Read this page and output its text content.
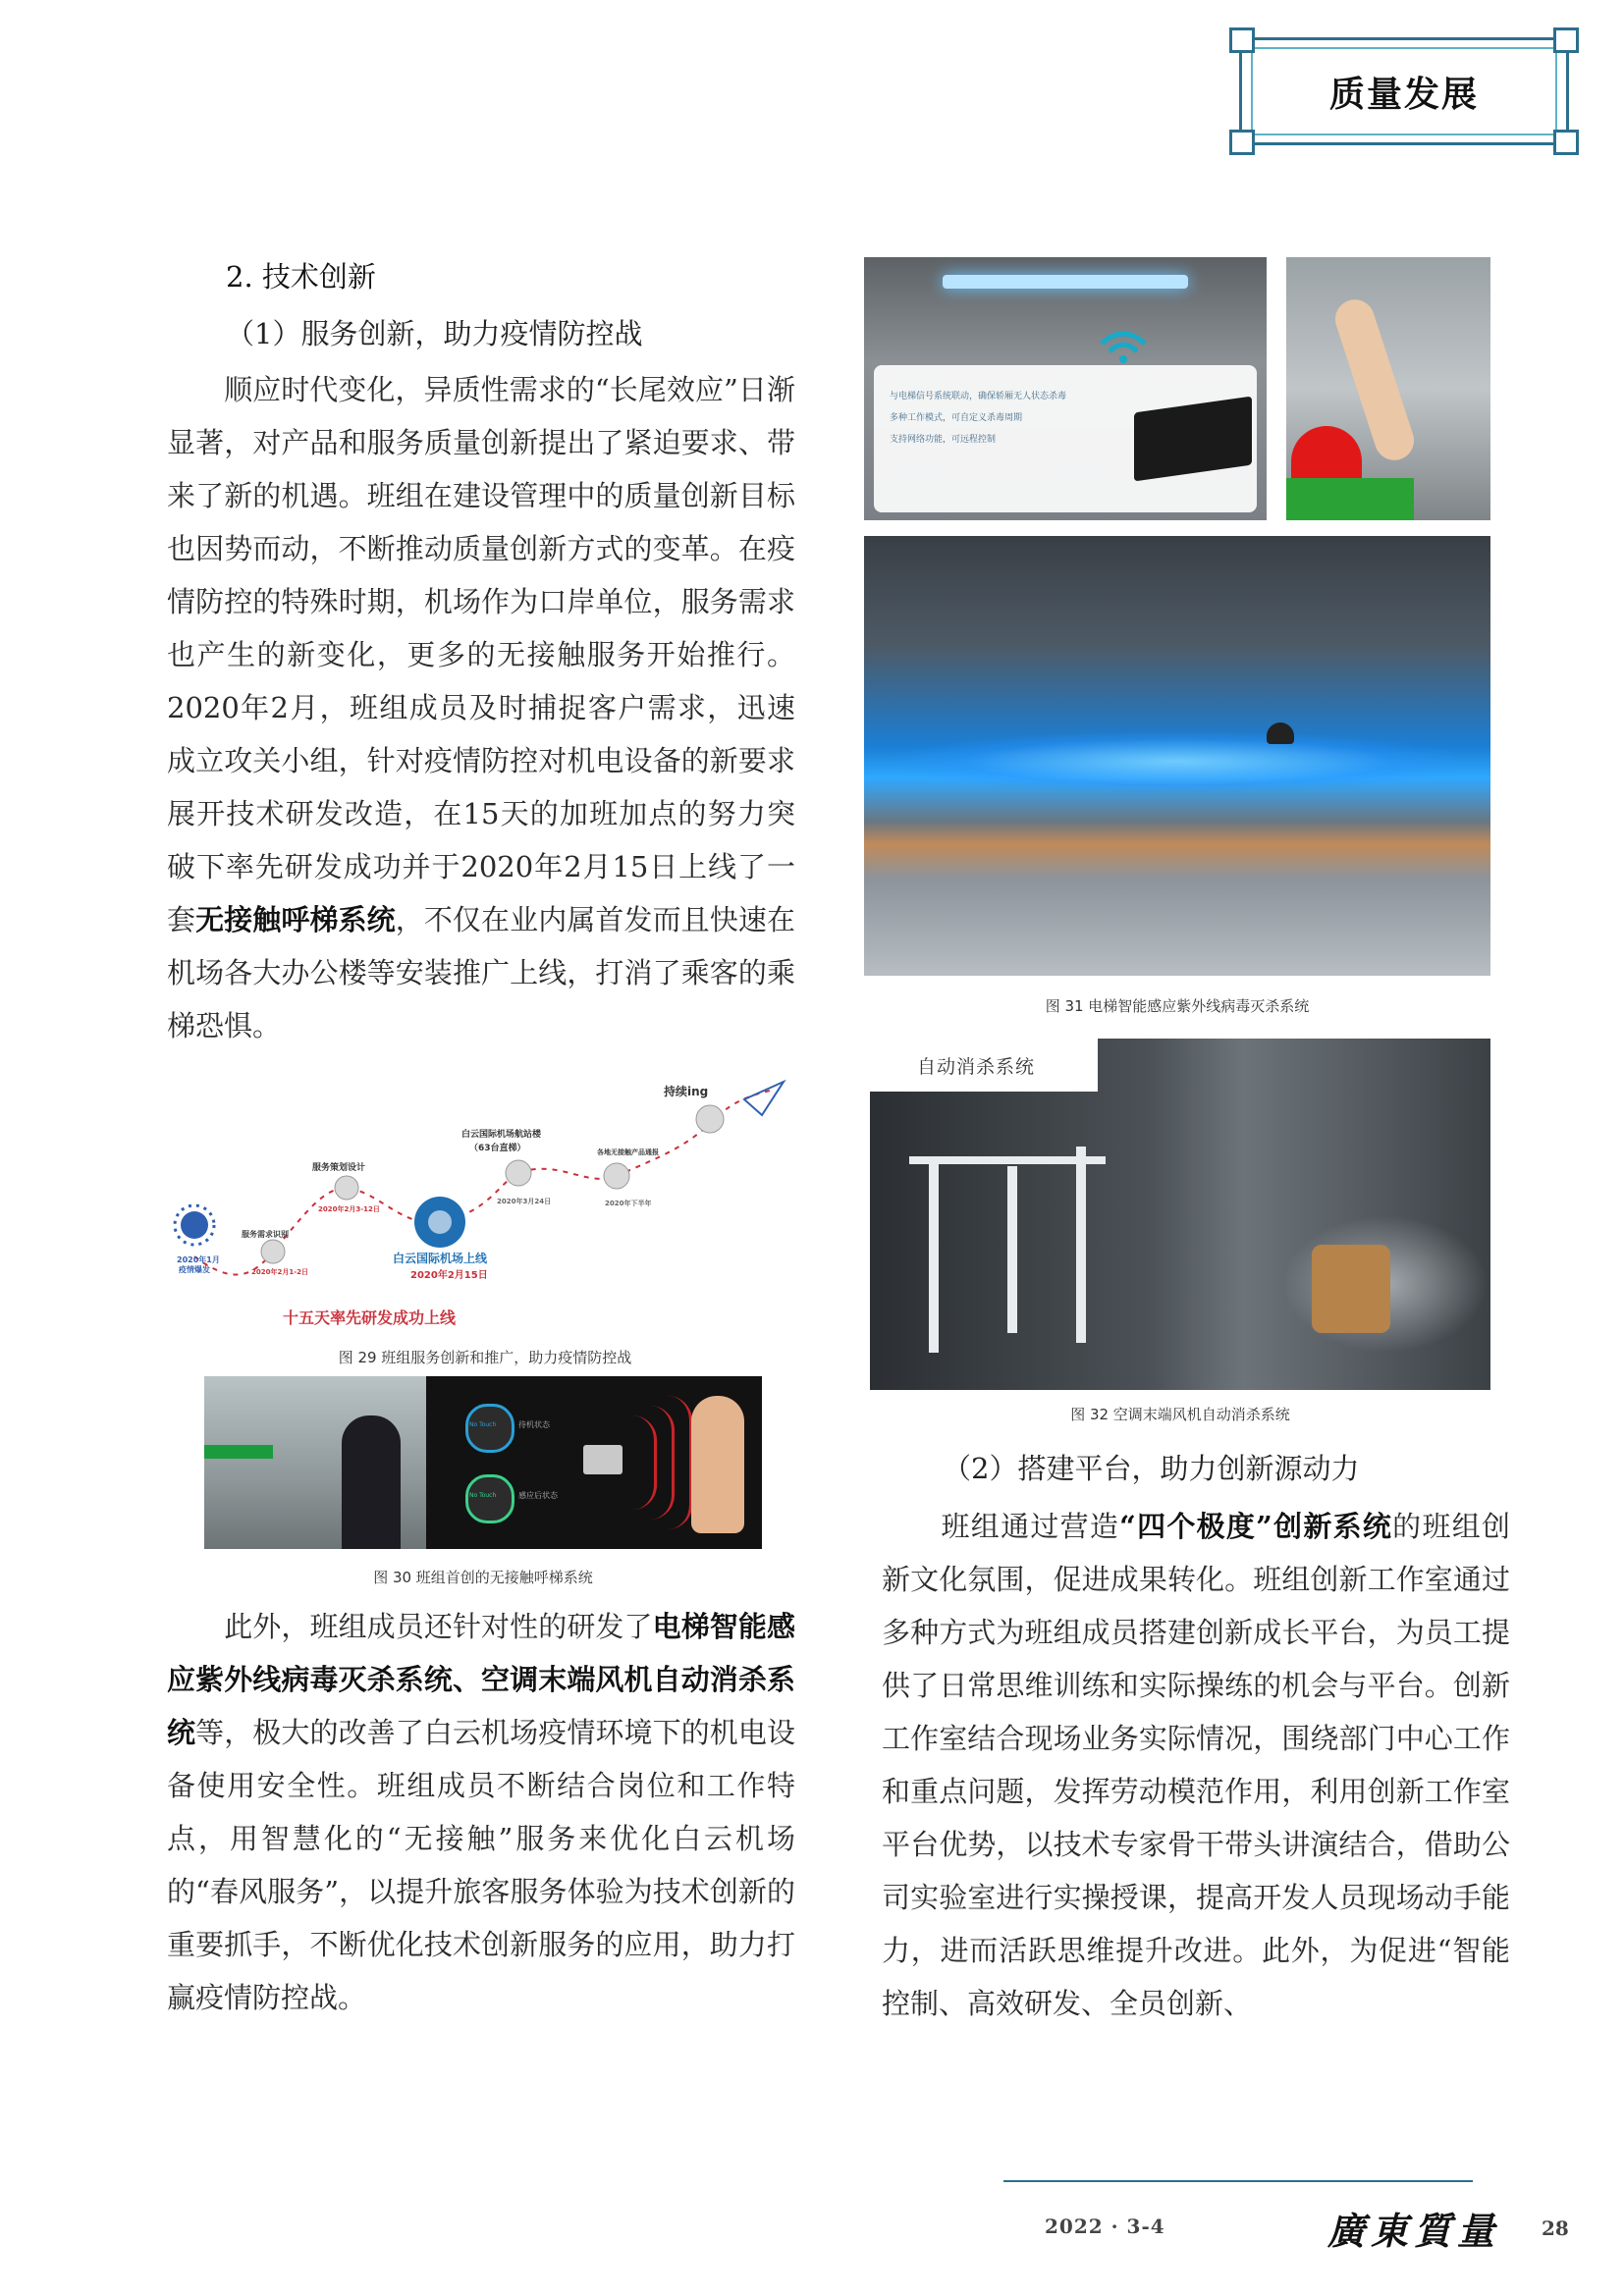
质量发展
2. 技术创新
（1）服务创新，助力疫情防控战
　　顺应时代变化，异质性需求的“长尾效应”日渐显著，对产品和服务质量创新提出了紧迫要求、带来了新的机遇。班组在建设管理中的质量创新目标也因势而动，不断推动质量创新方式的变革。在疫情防控的特殊时期，机场作为口岸单位，服务需求也产生的新变化，更多的无接触服务开始推行。2020年2月，班组成员及时捕捉客户需求，迅速成立攻关小组，针对疫情防控对机电设备的新要求展开技术研发改造，在15天的加班加点的努力突破下率先研发成功并于2020年2月15日上线了一套无接触呼梯系统，不仅在业内属首发而且快速在机场各大办公楼等安装推广上线，打消了乘客的乘梯恐惧。
2020年1月 疫情爆发
服务需求识别
2020年2月1-2日
服务策划设计
2020年2月3-12日
白云国际机场上线
2020年2月15日
白云国际机场航站楼 （63台直梯）
2020年3月24日
各地无接触产品通报
2020年下半年
持续ing
十五天率先研发成功上线
图 29 班组服务创新和推广，助力疫情防控战
待机状态
感应后状态
No Touch
No Touch
图 30 班组首创的无接触呼梯系统
　　此外，班组成员还针对性的研发了电梯智能感应紫外线病毒灭杀系统、空调末端风机自动消杀系统等，极大的改善了白云机场疫情环境下的机电设备使用安全性。班组成员不断结合岗位和工作特点，用智慧化的“无接触”服务来优化白云机场的“春风服务”，以提升旅客服务体验为技术创新的重要抓手，不断优化技术创新服务的应用，助力打赢疫情防控战。
与电梯信号系统联动，确保轿厢无人状态杀毒
多种工作模式，可自定义杀毒周期
支持网络功能，可远程控制
图 31 电梯智能感应紫外线病毒灭杀系统
自动消杀系统
图 32 空调末端风机自动消杀系统
（2）搭建平台，助力创新源动力
　　班组通过营造“四个极度”创新系统的班组创新文化氛围，促进成果转化。班组创新工作室通过多种方式为班组成员搭建创新成长平台，为员工提供了日常思维训练和实际操练的机会与平台。创新工作室结合现场业务实际情况，围绕部门中心工作和重点问题，发挥劳动模范作用，利用创新工作室平台优势，以技术专家骨干带头讲演结合，借助公司实验室进行实操授课，提高开发人员现场动手能力，进而活跃思维提升改进。此外，为促进“智能控制、高效研发、全员创新、
2022 · 3-4	廣東質量 28
